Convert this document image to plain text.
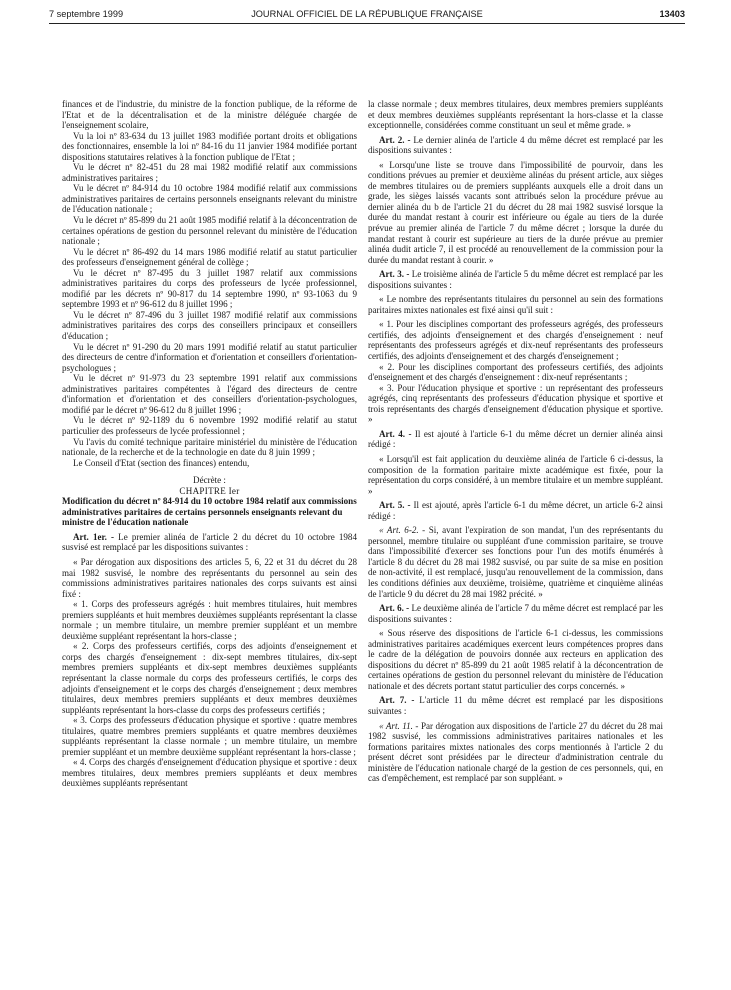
7 septembre 1999	JOURNAL OFFICIEL DE LA RÉPUBLIQUE FRANÇAISE	13403

finances et de l'industrie, du ministre de la fonction publique, de la réforme de l'Etat et de la décentralisation et de la ministre déléguée chargée de l'enseignement scolaire,

Vu la loi nº 83-634 du 13 juillet 1983 modifiée portant droits et obligations des fonctionnaires, ensemble la loi nº 84-16 du 11 janvier 1984 modifiée portant dispositions statutaires relatives à la fonction publique de l'Etat ;

Vu le décret nº 82-451 du 28 mai 1982 modifié relatif aux commissions administratives paritaires ;

Vu le décret nº 84-914 du 10 octobre 1984 modifié relatif aux commissions administratives paritaires de certains personnels enseignants relevant du ministre de l'éducation nationale ;

Vu le décret nº 85-899 du 21 août 1985 modifié relatif à la déconcentration de certaines opérations de gestion du personnel relevant du ministère de l'éducation nationale ;

Vu le décret nº 86-492 du 14 mars 1986 modifié relatif au statut particulier des professeurs d'enseignement général de collège ;

Vu le décret nº 87-495 du 3 juillet 1987 relatif aux commissions administratives paritaires du corps des professeurs de lycée professionnel, modifié par les décrets nº 90-817 du 14 septembre 1990, nº 93-1063 du 9 septembre 1993 et nº 96-612 du 8 juillet 1996 ;

Vu le décret nº 87-496 du 3 juillet 1987 modifié relatif aux commissions administratives paritaires des corps des conseillers principaux et conseillers d'éducation ;

Vu le décret nº 91-290 du 20 mars 1991 modifié relatif au statut particulier des directeurs de centre d'information et d'orientation et conseillers d'orientation-psychologues ;

Vu le décret nº 91-973 du 23 septembre 1991 relatif aux commissions administratives paritaires compétentes à l'égard des directeurs de centre d'information et d'orientation et des conseillers d'orientation-psychologues, modifié par le décret nº 96-612 du 8 juillet 1996 ;

Vu le décret nº 92-1189 du 6 novembre 1992 modifié relatif au statut particulier des professeurs de lycée professionnel ;

Vu l'avis du comité technique paritaire ministériel du ministère de l'éducation nationale, de la recherche et de la technologie en date du 8 juin 1999 ;

Le Conseil d'Etat (section des finances) entendu,

Décrète :

CHAPITRE Ier

Modification du décret nº 84-914 du 10 octobre 1984 relatif aux commissions administratives paritaires de certains personnels enseignants relevant du ministre de l'éducation nationale

Art. 1er. - Le premier alinéa de l'article 2 du décret du 10 octobre 1984 susvisé est remplacé par les dispositions suivantes :

« Par dérogation aux dispositions des articles 5, 6, 22 et 31 du décret du 28 mai 1982 susvisé, le nombre des représentants du personnel au sein des commissions administratives paritaires nationales des corps suivants est ainsi fixé :

« 1. Corps des professeurs agrégés : huit membres titulaires, huit membres premiers suppléants et huit membres deuxièmes suppléants représentant la classe normale ; un membre titulaire, un membre premier suppléant et un membre deuxième suppléant représentant la hors-classe ;

« 2. Corps des professeurs certifiés, corps des adjoints d'enseignement et corps des chargés d'enseignement : dix-sept membres titulaires, dix-sept membres premiers suppléants et dix-sept membres deuxièmes suppléants représentant la classe normale du corps des professeurs certifiés, le corps des adjoints d'enseignement et le corps des chargés d'enseignement ; deux membres titulaires, deux membres premiers suppléants et deux membres deuxièmes suppléants représentant la hors-classe du corps des professeurs certifiés ;

« 3. Corps des professeurs d'éducation physique et sportive : quatre membres titulaires, quatre membres premiers suppléants et quatre membres deuxièmes suppléants représentant la classe normale ; un membre titulaire, un membre premier suppléant et un membre deuxième suppléant représentant la hors-classe ;

« 4. Corps des chargés d'enseignement d'éducation physique et sportive : deux membres titulaires, deux membres premiers suppléants et deux membres deuxièmes suppléants représentant

la classe normale ; deux membres titulaires, deux membres premiers suppléants et deux membres deuxièmes suppléants représentant la hors-classe et la classe exceptionnelle, considérées comme constituant un seul et même grade. »

Art. 2. - Le dernier alinéa de l'article 4 du même décret est remplacé par les dispositions suivantes :

« Lorsqu'une liste se trouve dans l'impossibilité de pourvoir, dans les conditions prévues au premier et deuxième alinéas du présent article, aux sièges de membres titulaires ou de premiers suppléants auxquels elle a droit dans un grade, les sièges laissés vacants sont attribués selon la procédure prévue au dernier alinéa du b de l'article 21 du décret du 28 mai 1982 susvisé lorsque la durée du mandat restant à courir est inférieure ou égale au tiers de la durée prévue au premier alinéa de l'article 7 du même décret ; lorsque la durée du mandat restant à courir est supérieure au tiers de la durée prévue au premier alinéa dudit article 7, il est procédé au renouvellement de la commission pour la durée du mandat restant à courir. »

Art. 3. - Le troisième alinéa de l'article 5 du même décret est remplacé par les dispositions suivantes :

« Le nombre des représentants titulaires du personnel au sein des formations paritaires mixtes nationales est fixé ainsi qu'il suit :

« 1. Pour les disciplines comportant des professeurs agrégés, des professeurs certifiés, des adjoints d'enseignement et des chargés d'enseignement : neuf représentants des professeurs agrégés et dix-neuf représentants des professeurs certifiés, des adjoints d'enseignement et des chargés d'enseignement ;

« 2. Pour les disciplines comportant des professeurs certifiés, des adjoints d'enseignement et des chargés d'enseignement : dix-neuf représentants ;

« 3. Pour l'éducation physique et sportive : un représentant des professeurs agrégés, cinq représentants des professeurs d'éducation physique et sportive et trois représentants des chargés d'enseignement d'éducation physique et sportive. »

Art. 4. - Il est ajouté à l'article 6-1 du même décret un dernier alinéa ainsi rédigé :

« Lorsqu'il est fait application du deuxième alinéa de l'article 6 ci-dessus, la composition de la formation paritaire mixte académique est fixée, pour la représentation du corps considéré, à un membre titulaire et un membre suppléant. »

Art. 5. - Il est ajouté, après l'article 6-1 du même décret, un article 6-2 ainsi rédigé :

« Art. 6-2. - Si, avant l'expiration de son mandat, l'un des représentants du personnel, membre titulaire ou suppléant d'une commission paritaire, se trouve dans l'impossibilité d'exercer ses fonctions pour l'un des motifs énumérés à l'article 8 du décret du 28 mai 1982 susvisé, ou par suite de sa mise en position de non-activité, il est remplacé, jusqu'au renouvellement de la commission, dans les conditions définies aux deuxième, troisième, quatrième et cinquième alinéas de l'article 9 du décret du 28 mai 1982 précité. »

Art. 6. - Le deuxième alinéa de l'article 7 du même décret est remplacé par les dispositions suivantes :

« Sous réserve des dispositions de l'article 6-1 ci-dessus, les commissions administratives paritaires académiques exercent leurs compétences propres dans le cadre de la délégation de pouvoirs donnée aux recteurs en application des dispositions du décret nº 85-899 du 21 août 1985 relatif à la déconcentration de certaines opérations de gestion du personnel relevant du ministère de l'éducation nationale et des décrets portant statut particulier des corps concernés. »

Art. 7. - L'article 11 du même décret est remplacé par les dispositions suivantes :

« Art. 11. - Par dérogation aux dispositions de l'article 27 du décret du 28 mai 1982 susvisé, les commissions administratives paritaires nationales et les formations paritaires mixtes nationales des corps mentionnés à l'article 2 du présent décret sont présidées par le directeur d'administration centrale du ministère de l'éducation nationale chargé de la gestion de ces personnels, qui, en cas d'empêchement, est remplacé par son suppléant. »
